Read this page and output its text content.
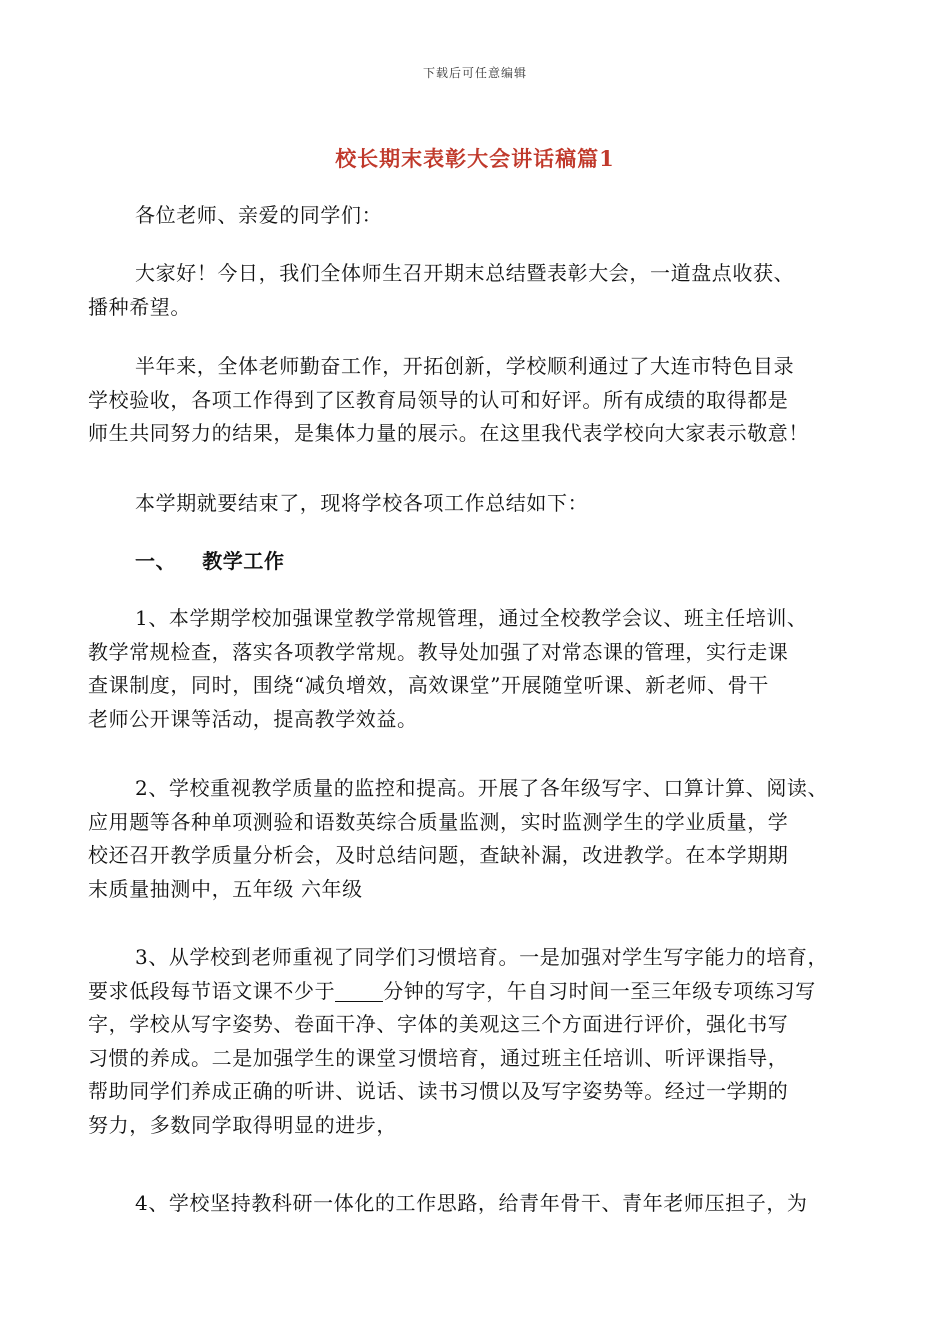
下载后可任意编辑
校长期末表彰大会讲话稿篇1
各位老师、亲爱的同学们：
大家好！今日，我们全体师生召开期末总结暨表彰大会，一道盘点收获、
播种希望。
半年来，全体老师勤奋工作，开拓创新，学校顺利通过了大连市特色目录
学校验收，各项工作得到了区教育局领导的认可和好评。所有成绩的取得都是
师生共同努力的结果，是集体力量的展示。在这里我代表学校向大家表示敬意！
本学期就要结束了，现将学校各项工作总结如下：
一、 教学工作
1、本学期学校加强课堂教学常规管理，通过全校教学会议、班主任培训、
教学常规检查，落实各项教学常规。教导处加强了对常态课的管理，实行走课
查课制度，同时，围绕“减负增效，高效课堂”开展随堂听课、新老师、骨干
老师公开课等活动，提高教学效益。
2、学校重视教学质量的监控和提高。开展了各年级写字、口算计算、阅读、
应用题等各种单项测验和语数英综合质量监测，实时监测学生的学业质量，学
校还召开教学质量分析会，及时总结问题，查缺补漏，改进教学。在本学期期
末质量抽测中，五年级 六年级
3、从学校到老师重视了同学们习惯培育。一是加强对学生写字能力的培育，
要求低段每节语文课不少于 分钟的写字，午自习时间一至三年级专项练习写
字，学校从写字姿势、卷面干净、字体的美观这三个方面进行评价，强化书写
习惯的养成。二是加强学生的课堂习惯培育，通过班主任培训、听评课指导，
帮助同学们养成正确的听讲、说话、读书习惯以及写字姿势等。经过一学期的
努力，多数同学取得明显的进步，
4、学校坚持教科研一体化的工作思路，给青年骨干、青年老师压担子，为
